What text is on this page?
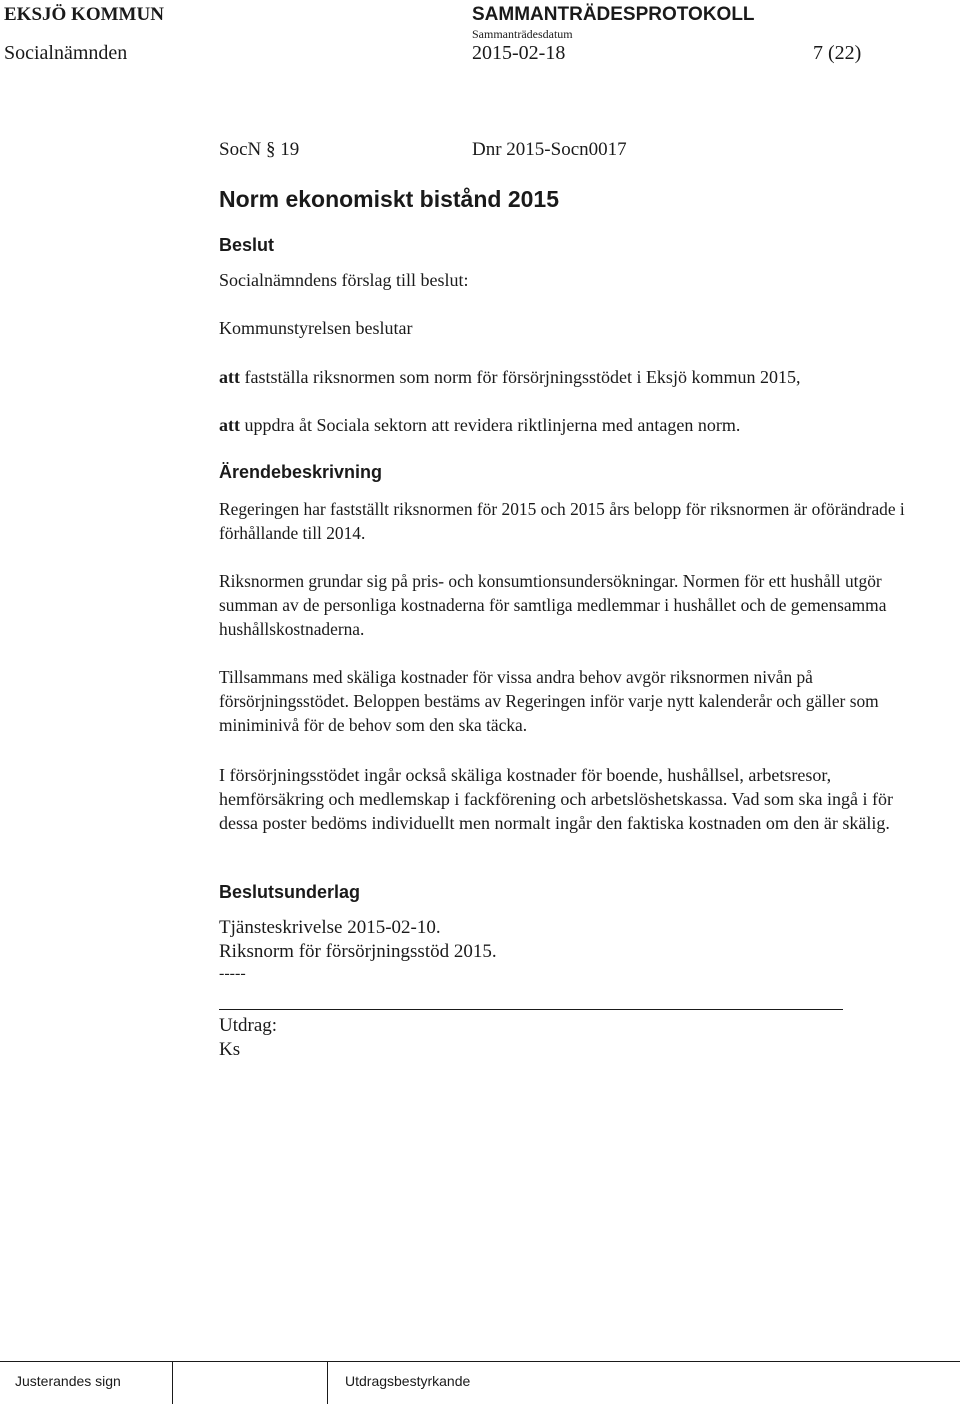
EKSJÖ KOMMUN	SAMMANTRÄDESPROTOKOLL
Sammanträdesdatum
Socialnämnden	2015-02-18	7 (22)
SocN § 19	Dnr 2015-Socn0017
Norm ekonomiskt bistånd 2015
Beslut
Socialnämndens förslag till beslut:
Kommunstyrelsen beslutar
att fastställa riksnormen som norm för försörjningsstödet i Eksjö kommun 2015,
att uppdra åt Sociala sektorn att revidera riktlinjerna med antagen norm.
Ärendebeskrivning
Regeringen har fastställt riksnormen för 2015 och 2015 års belopp för riksnormen är oförändrade i förhållande till 2014.
Riksnormen grundar sig på pris- och konsumtionsundersökningar. Normen för ett hushåll utgör summan av de personliga kostnaderna för samtliga medlemmar i hushållet och de gemensamma hushållskostnaderna.
Tillsammans med skäliga kostnader för vissa andra behov avgör riksnormen nivån på försörjningsstödet. Beloppen bestäms av Regeringen inför varje nytt kalenderår och gäller som miniminivå för de behov som den ska täcka.
I försörjningsstödet ingår också skäliga kostnader för boende, hushållsel, arbetsresor, hemförsäkring och medlemskap i fackförening och arbetslöshetskassa. Vad som ska ingå i för dessa poster bedöms individuellt men normalt ingår den faktiska kostnaden om den är skälig.
Beslutsunderlag
Tjänsteskrivelse 2015-02-10.
Riksnorm för försörjningsstöd 2015.
-----
Utdrag:
Ks
Justerandes sign	Utdragsbestyrkande
